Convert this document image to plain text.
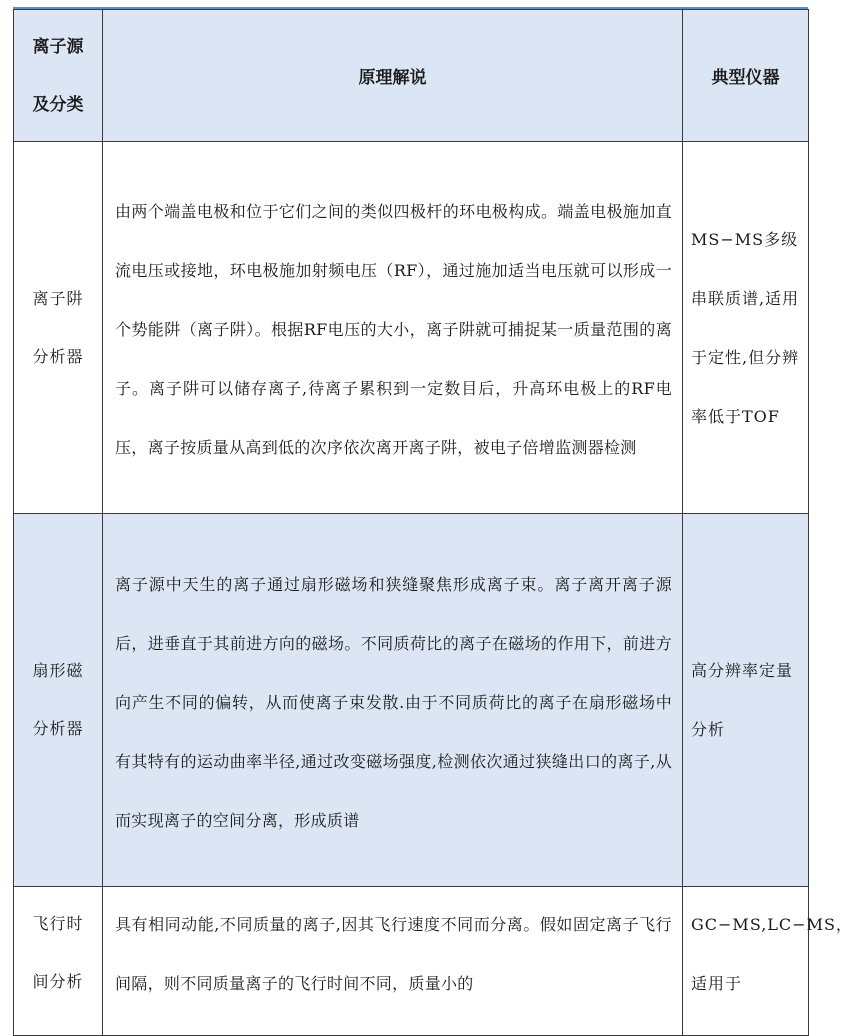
离子源
及分类	原理解说	典型仪器
离子阱
分析器	由两个端盖电极和位于它们之间的类似四极杆的环电极构成。端盖电极施加直流电压或接地，环电极施加射频电压（RF），通过施加适当电压就可以形成一个势能阱（离子阱）。根据RF电压的大小，离子阱就可捕捉某一质量范围的离子。离子阱可以储存离子,待离子累积到一定数目后，升高环电极上的RF电压，离子按质量从高到低的次序依次离开离子阱，被电子倍增监测器检测	MS−MS多级串联质谱,适用于定性,但分辨率低于TOF
扇形磁
分析器	离子源中天生的离子通过扇形磁场和狭缝聚焦形成离子束。离子离开离子源后，进垂直于其前进方向的磁场。不同质荷比的离子在磁场的作用下，前进方向产生不同的偏转，从而使离子束发散.由于不同质荷比的离子在扇形磁场中有其特有的运动曲率半径,通过改变磁场强度,检测依次通过狭缝出口的离子,从而实现离子的空间分离，形成质谱	高分辨率定量分析
飞行时
间分析	具有相同动能,不同质量的离子,因其飞行速度不同而分离。假如固定离子飞行间隔，则不同质量离子的飞行时间不同，质量小的	GC−MS,LC−MS，适用于
